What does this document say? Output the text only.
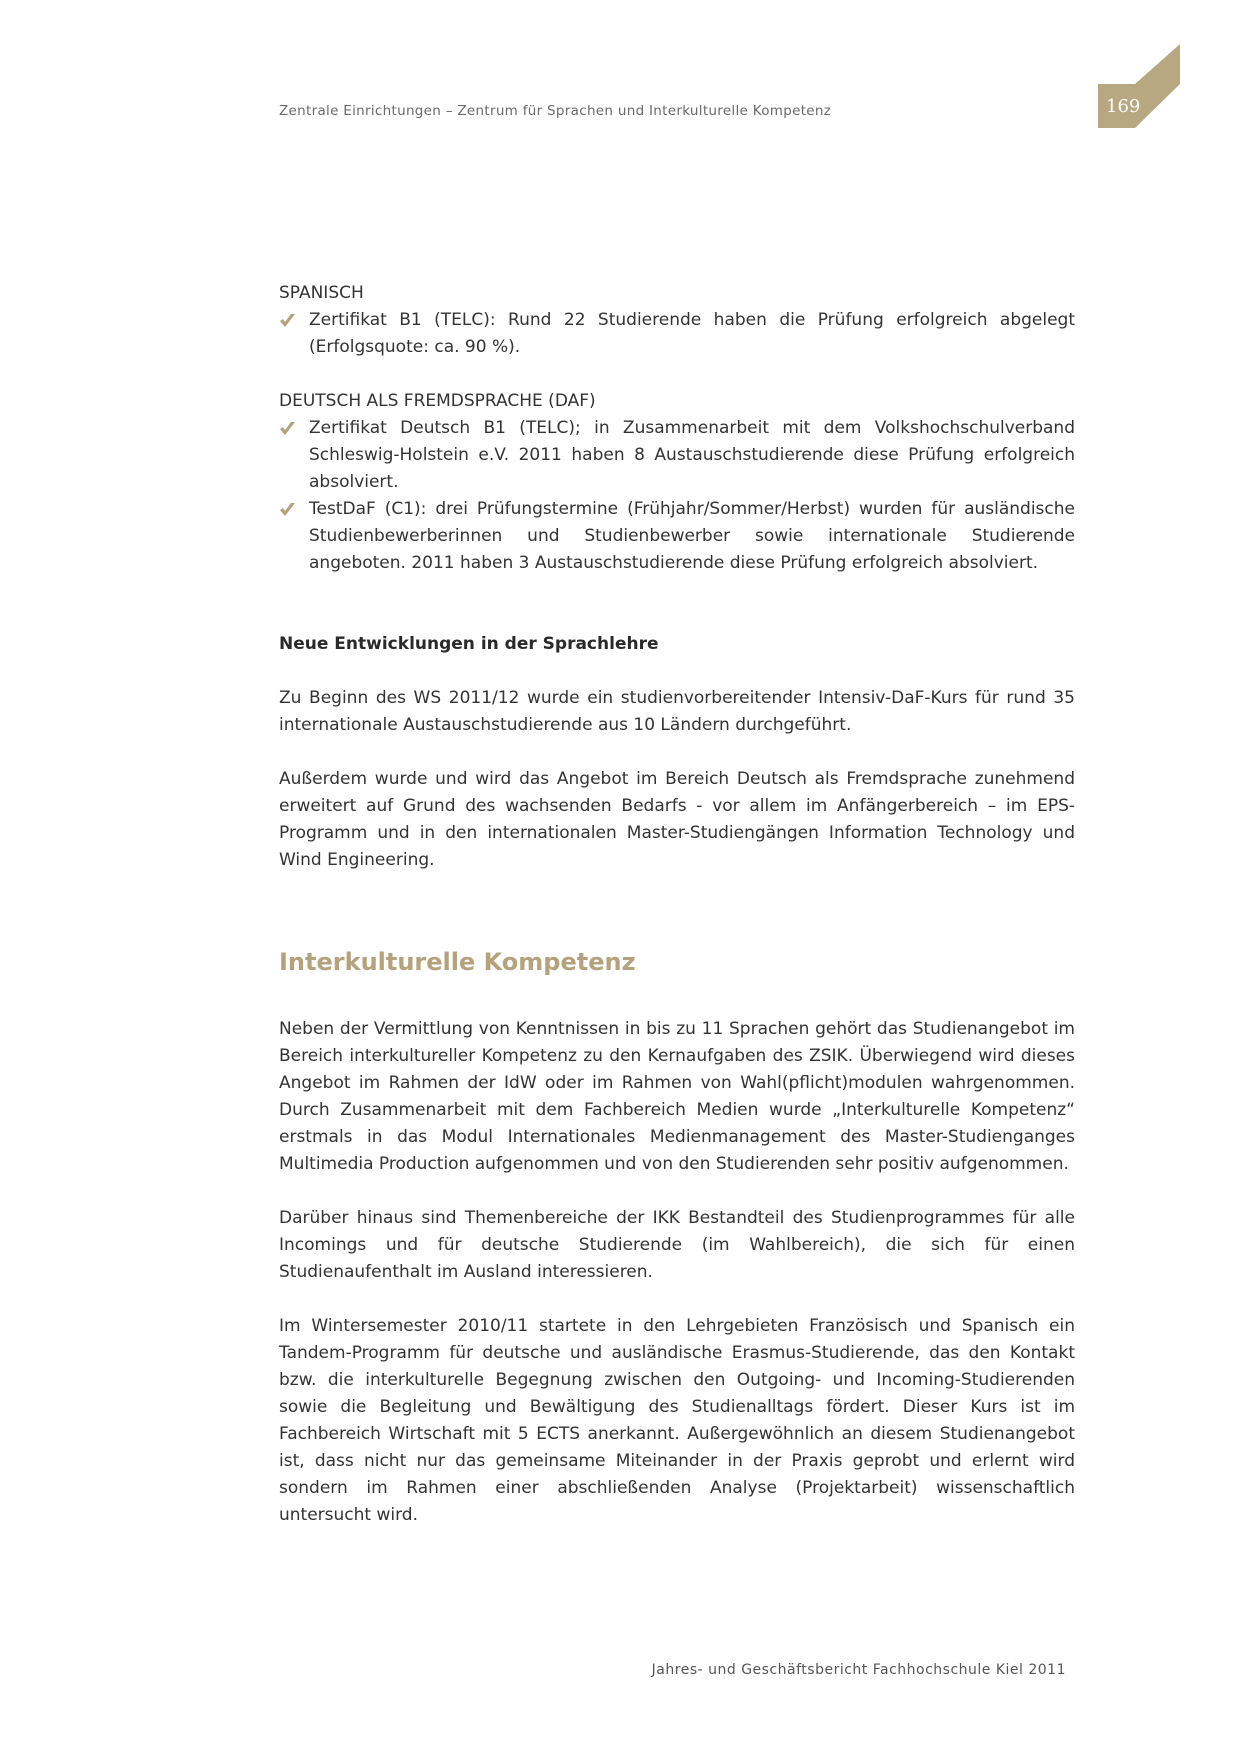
Zentrale Einrichtungen – Zentrum für Sprachen und Interkulturelle Kompetenz	169
SPANISCH
Zertifikat B1 (TELC): Rund 22 Studierende haben die Prüfung erfolgreich abgelegt (Erfolgsquote: ca. 90 %).
DEUTSCH ALS FREMDSPRACHE (DAF)
Zertifikat Deutsch B1 (TELC); in Zusammenarbeit mit dem Volkshochschulverband Schleswig-Holstein e.V. 2011 haben 8 Austauschstudierende diese Prüfung erfolgreich absolviert.
TestDaF (C1): drei Prüfungstermine (Frühjahr/Sommer/Herbst) wurden für ausländische Studienbewerberinnen und Studienbewerber sowie internationale Studierende angeboten. 2011 haben 3 Austauschstudierende diese Prüfung erfolgreich absolviert.
Neue Entwicklungen in der Sprachlehre

Zu Beginn des WS 2011/12 wurde ein studienvorbereitender Intensiv-DaF-Kurs für rund 35 internationale Austauschstudierende aus 10 Ländern durchgeführt.

Außerdem wurde und wird das Angebot im Bereich Deutsch als Fremdsprache zunehmend erweitert auf Grund des wachsenden Bedarfs - vor allem im Anfängerbereich – im EPS-Programm und in den internationalen Master-Studiengängen Information Technology und Wind Engineering.

Interkulturelle Kompetenz

Neben der Vermittlung von Kenntnissen in bis zu 11 Sprachen gehört das Studienangebot im Bereich interkultureller Kompetenz zu den Kernaufgaben des ZSIK. Überwiegend wird dieses Angebot im Rahmen der IdW oder im Rahmen von Wahl(pflicht)modulen wahrgenommen. Durch Zusammenarbeit mit dem Fachbereich Medien wurde „Interkulturelle Kompetenz“ erstmals in das Modul Internationales Medienmanagement des Master-Studienganges Multimedia Production aufgenommen und von den Studierenden sehr positiv aufgenommen.

Darüber hinaus sind Themenbereiche der IKK Bestandteil des Studienprogrammes für alle Incomings und für deutsche Studierende (im Wahlbereich), die sich für einen Studienaufenthalt im Ausland interessieren.

Im Wintersemester 2010/11 startete in den Lehrgebieten Französisch und Spanisch ein Tandem-Programm für deutsche und ausländische Erasmus-Studierende, das den Kontakt bzw. die interkulturelle Begegnung zwischen den Outgoing- und Incoming-Studierenden sowie die Begleitung und Bewältigung des Studienalltags fördert. Dieser Kurs ist im Fachbereich Wirtschaft mit 5 ECTS anerkannt. Außergewöhnlich an diesem Studienangebot ist, dass nicht nur das gemeinsame Miteinander in der Praxis geprobt und erlernt wird sondern im Rahmen einer abschließenden Analyse (Projektarbeit) wissenschaftlich untersucht wird.

Jahres- und Geschäftsbericht Fachhochschule Kiel 2011
